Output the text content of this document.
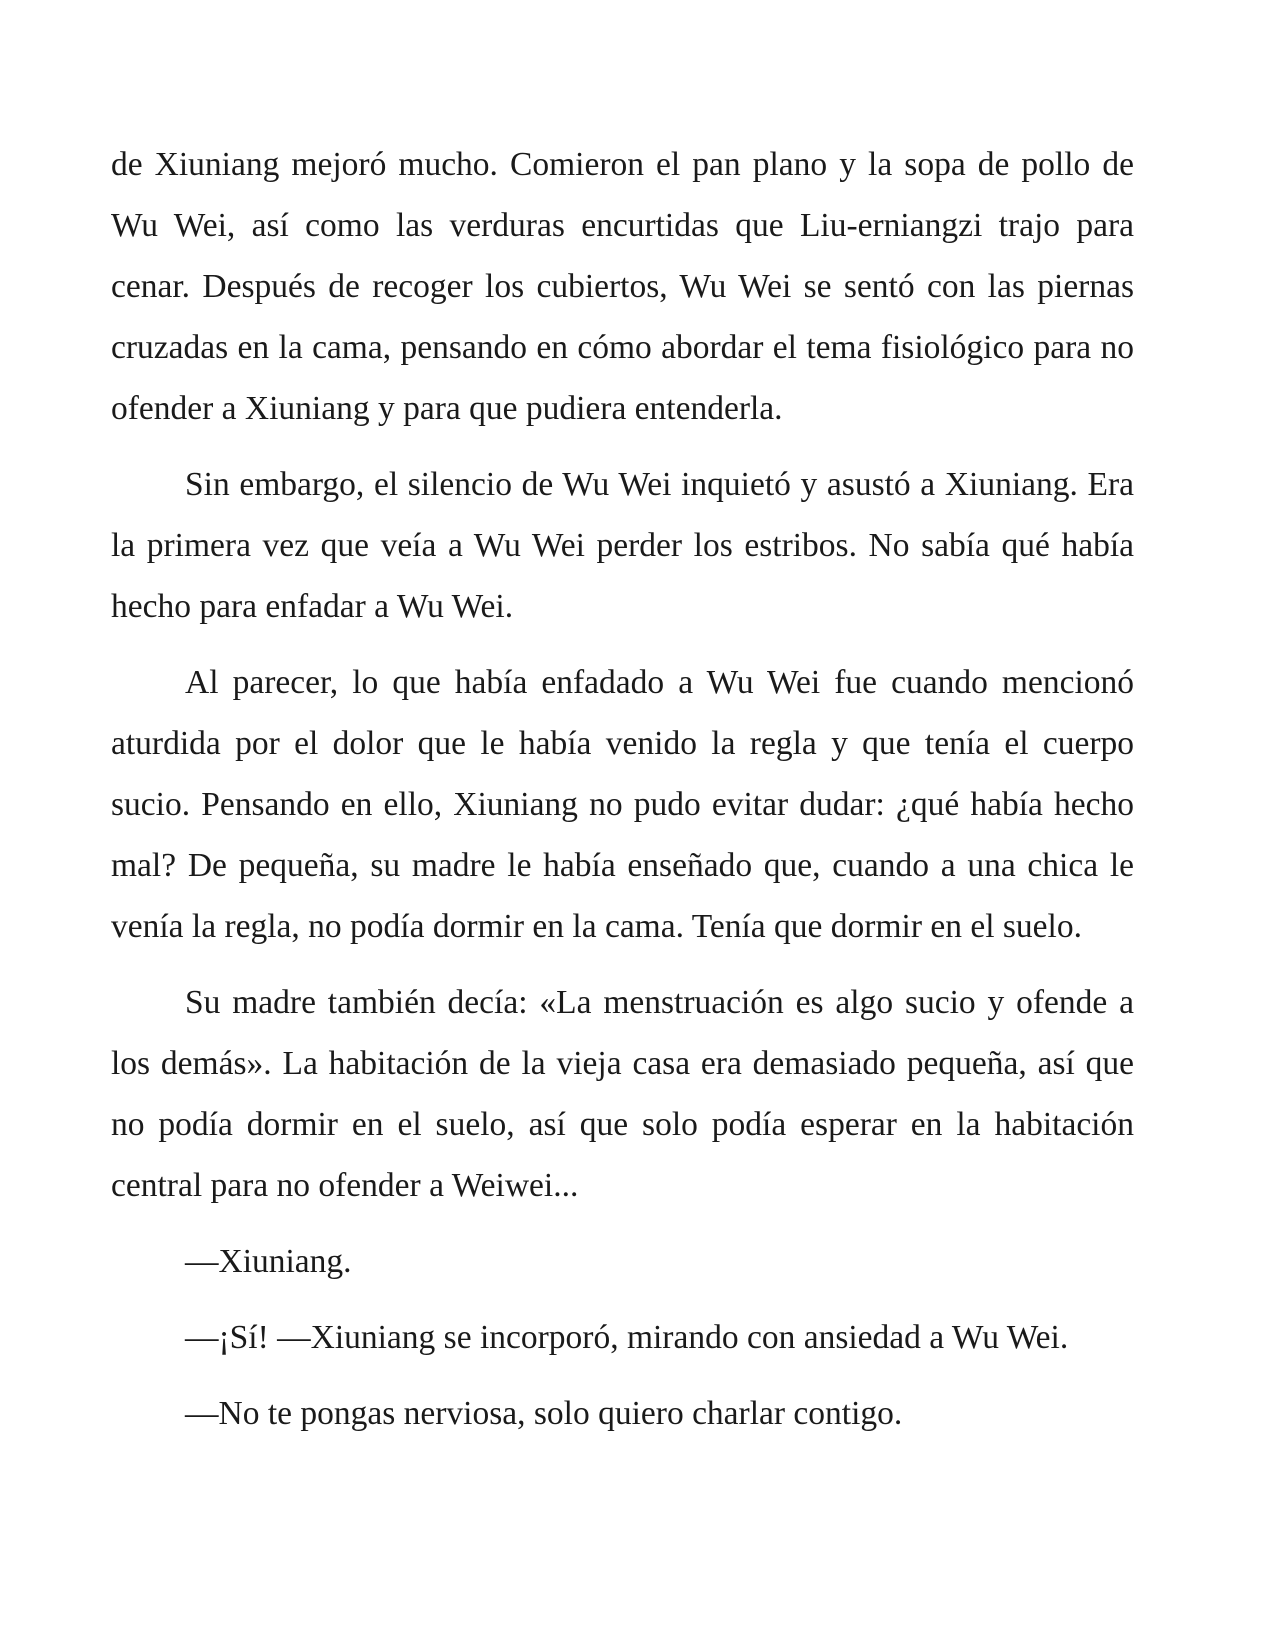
de Xiuniang mejoró mucho. Comieron el pan plano y la sopa de pollo de Wu Wei, así como las verduras encurtidas que Liu-erniangzi trajo para cenar. Después de recoger los cubiertos, Wu Wei se sentó con las piernas cruzadas en la cama, pensando en cómo abordar el tema fisiológico para no ofender a Xiuniang y para que pudiera entenderla.

Sin embargo, el silencio de Wu Wei inquietó y asustó a Xiuniang. Era la primera vez que veía a Wu Wei perder los estribos. No sabía qué había hecho para enfadar a Wu Wei.

Al parecer, lo que había enfadado a Wu Wei fue cuando mencionó aturdida por el dolor que le había venido la regla y que tenía el cuerpo sucio. Pensando en ello, Xiuniang no pudo evitar dudar: ¿qué había hecho mal? De pequeña, su madre le había enseñado que, cuando a una chica le venía la regla, no podía dormir en la cama. Tenía que dormir en el suelo.

Su madre también decía: «La menstruación es algo sucio y ofende a los demás». La habitación de la vieja casa era demasiado pequeña, así que no podía dormir en el suelo, así que solo podía esperar en la habitación central para no ofender a Weiwei...

—Xiuniang.

—¡Sí! —Xiuniang se incorporó, mirando con ansiedad a Wu Wei.

—No te pongas nerviosa, solo quiero charlar contigo.
